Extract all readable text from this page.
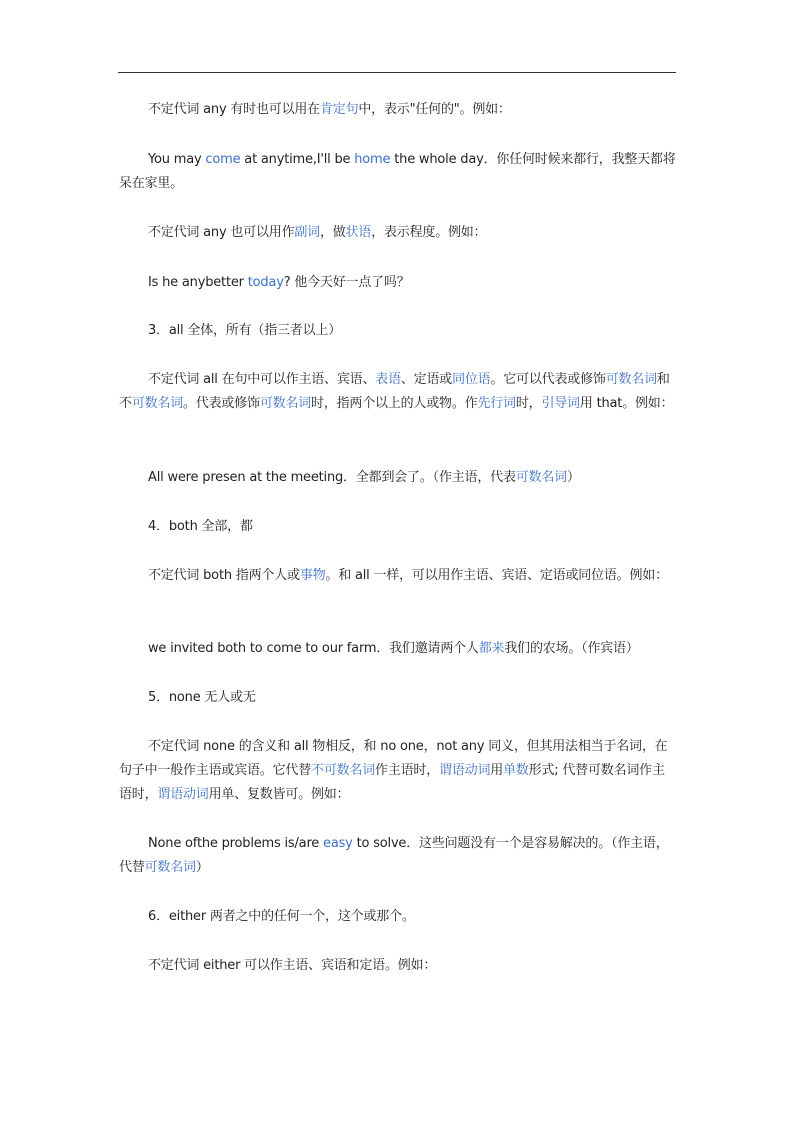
不定代词 any 有时也可以用在肯定句中，表示"任何的"。例如：

You may come at anytime,I'll be home the whole day．你任何时候来都行，我整天都将呆在家里。

不定代词 any 也可以用作副词，做状语，表示程度。例如：

Is he anybetter today? 他今天好一点了吗？

3．all 全体，所有（指三者以上）

不定代词 all 在句中可以作主语、宾语、表语、定语或同位语。它可以代表或修饰可数名词和不可数名词。代表或修饰可数名词时，指两个以上的人或物。作先行词时，引导词用 that。例如：

All were presen at the meeting．全都到会了。（作主语，代表可数名词）

4．both 全部，都

不定代词 both 指两个人或事物。和 all 一样，可以用作主语、宾语、定语或同位语。例如：

we invited both to come to our farm．我们邀请两个人都来我们的农场。（作宾语）

5．none 无人或无

不定代词 none 的含义和 all 物相反，和 no one，not any 同义，但其用法相当于名词，在句子中一般作主语或宾语。它代替不可数名词作主语时，谓语动词用单数形式; 代替可数名词作主语时，谓语动词用单、复数皆可。例如：

None ofthe problems is/are easy to solve．这些问题没有一个是容易解决的。（作主语，代替可数名词）

6．either 两者之中的任何一个，这个或那个。

不定代词 either 可以作主语、宾语和定语。例如：
